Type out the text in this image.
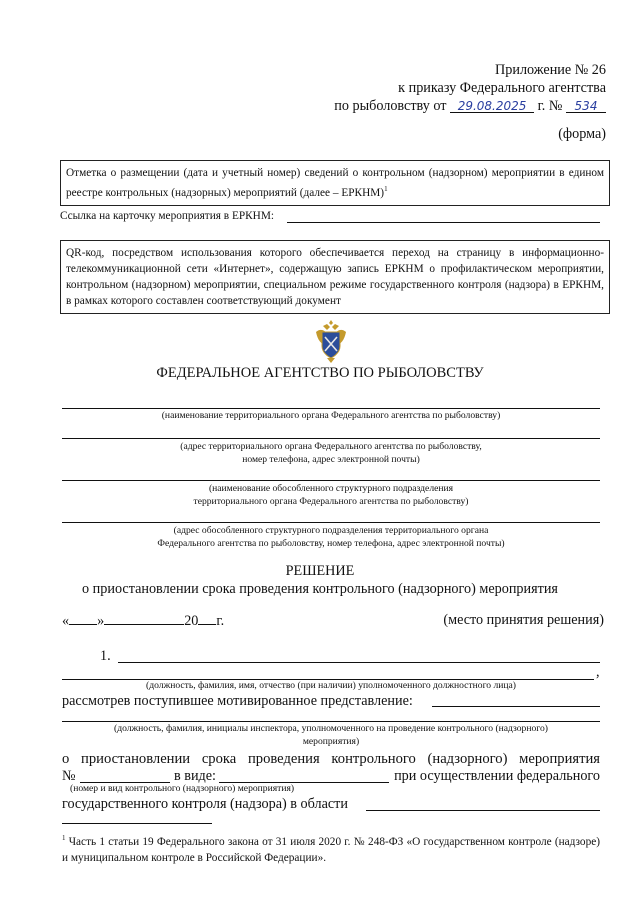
Приложение № 26
к приказу Федерального агентства
по рыболовству от 29.08.2025 г. № 534
(форма)
Отметка о размещении (дата и учетный номер) сведений о контрольном (надзорном) мероприятии в едином реестре контрольных (надзорных) мероприятий (далее – ЕРКНМ)$^1$
Ссылка на карточку мероприятия в ЕРКНМ:
QR-код, посредством использования которого обеспечивается переход на страницу в информационно-телекоммуникационной сети «Интернет», содержащую запись ЕРКНМ о профилактическом мероприятии, контрольном (надзорном) мероприятии, специальном режиме государственного контроля (надзора) в ЕРКНМ, в рамках которого составлен соответствующий документ
ФЕДЕРАЛЬНОЕ АГЕНТСТВО ПО РЫБОЛОВСТВУ
(наименование территориального органа Федерального агентства по рыболовству)
(адрес территориального органа Федерального агентства по рыболовству,
номер телефона, адрес электронной почты)
(наименование обособленного структурного подразделения
территориального органа Федерального агентства по рыболовству)
(адрес обособленного структурного подразделения территориального органа
Федерального агентства по рыболовству, номер телефона, адрес электронной почты)
РЕШЕНИЕ
о приостановлении срока проведения контрольного (надзорного) мероприятия
« »	20 г.	(место принятия решения)
1.
,
(должность, фамилия, имя, отчество (при наличии) уполномоченного должностного лица)
рассмотрев поступившее мотивированное представление:
(должность, фамилия, инициалы инспектора, уполномоченного на проведение контрольного (надзорного)
мероприятия)
о приостановлении срока проведения контрольного (надзорного) мероприятия
№	в виде:	при осуществлении федерального
(номер и вид контрольного (надзорного) мероприятия)
государственного контроля (надзора) в области
$^1$ Часть 1 статьи 19 Федерального закона от 31 июля 2020 г. № 248-ФЗ «О государственном контроле (надзоре) и муниципальном контроле в Российской Федерации».
